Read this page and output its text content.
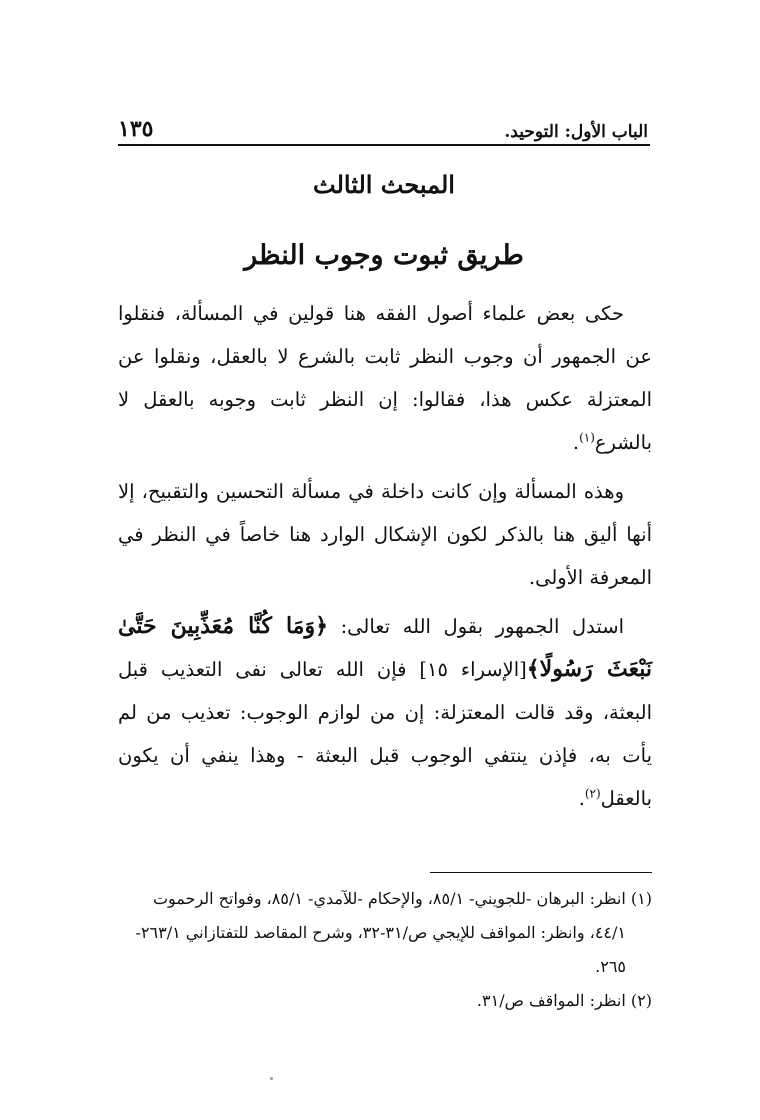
الباب الأول: التوحيد.
١٣٥
المبحث الثالث
طريق ثبوت وجوب النظر

حكى بعض علماء أصول الفقه هنا قولين في المسألة، فنقلوا عن الجمهور أن وجوب النظر ثابت بالشرع لا بالعقل، ونقلوا عن المعتزلة عكس هذا، فقالوا: إن النظر ثابت وجوبه بالعقل لا بالشرع$^{(١)}$.

وهذه المسألة وإن كانت داخلة في مسألة التحسين والتقبيح، إلا أنها أليق هنا بالذكر لكون الإشكال الوارد هنا خاصاً في النظر في المعرفة الأولى.

استدل الجمهور بقول الله تعالى: ﴿وَمَا كُنَّا مُعَذِّبِينَ حَتَّىٰ نَبْعَثَ رَسُولًا﴾[الإسراء ١٥] فإن الله تعالى نفى التعذيب قبل البعثة، وقد قالت المعتزلة: إن من لوازم الوجوب: تعذيب من لم يأت به، فإذن ينتفي الوجوب قبل البعثة - وهذا ينفي أن يكون بالعقل$^{(٢)}$.

(١) انظر: البرهان -للجويني- ٨٥/١، والإحكام -للآمدي- ٨٥/١، وفواتح الرحموت
٤٤/١، وانظر: المواقف للإيجي ص/٣١-٣٢، وشرح المقاصد للتفتازاني ٢٦٣/١-
٢٦٥.

(٢) انظر: المواقف ص/٣١.
